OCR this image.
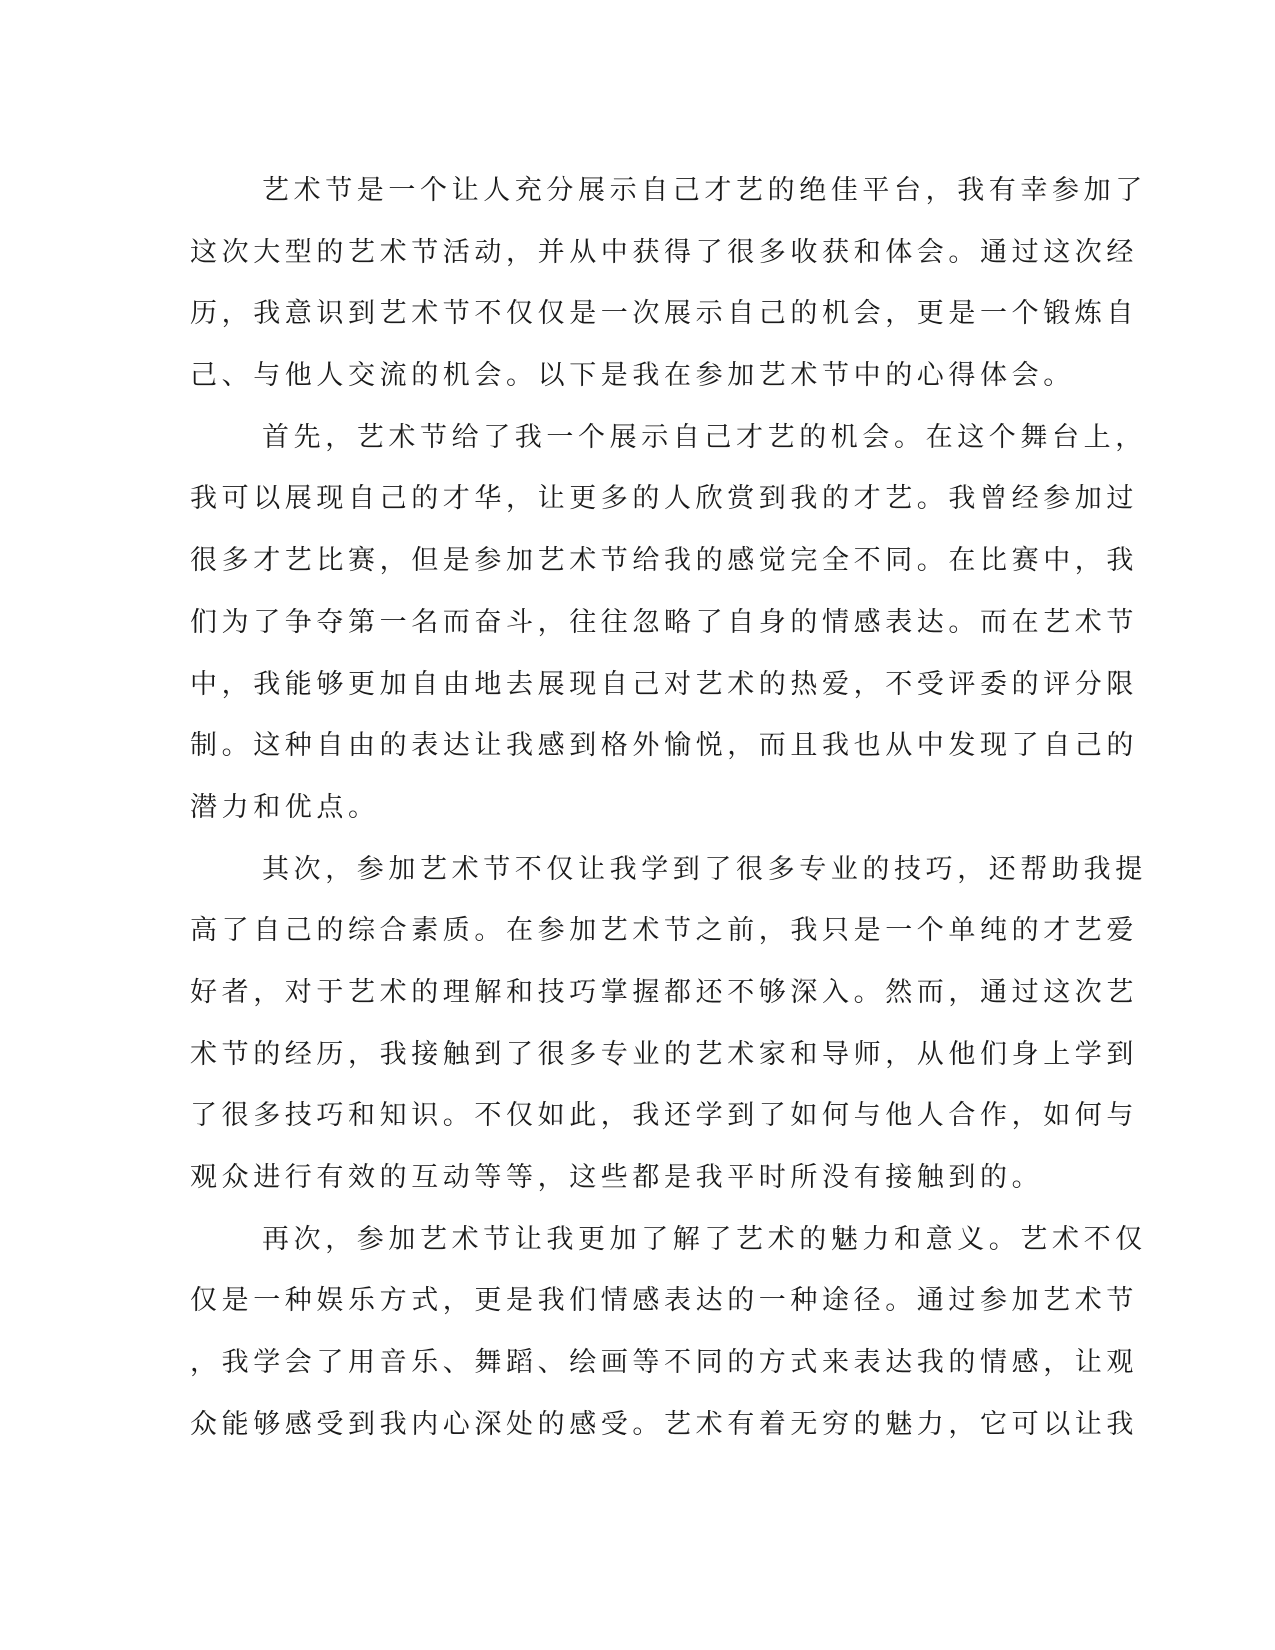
艺术节是一个让人充分展示自己才艺的绝佳平台，我有幸参加了
这次大型的艺术节活动，并从中获得了很多收获和体会。通过这次经
历，我意识到艺术节不仅仅是一次展示自己的机会，更是一个锻炼自
己、与他人交流的机会。以下是我在参加艺术节中的心得体会。
首先，艺术节给了我一个展示自己才艺的机会。在这个舞台上，
我可以展现自己的才华，让更多的人欣赏到我的才艺。我曾经参加过
很多才艺比赛，但是参加艺术节给我的感觉完全不同。在比赛中，我
们为了争夺第一名而奋斗，往往忽略了自身的情感表达。而在艺术节
中，我能够更加自由地去展现自己对艺术的热爱，不受评委的评分限
制。这种自由的表达让我感到格外愉悦，而且我也从中发现了自己的
潜力和优点。
其次，参加艺术节不仅让我学到了很多专业的技巧，还帮助我提
高了自己的综合素质。在参加艺术节之前，我只是一个单纯的才艺爱
好者，对于艺术的理解和技巧掌握都还不够深入。然而，通过这次艺
术节的经历，我接触到了很多专业的艺术家和导师，从他们身上学到
了很多技巧和知识。不仅如此，我还学到了如何与他人合作，如何与
观众进行有效的互动等等，这些都是我平时所没有接触到的。
再次，参加艺术节让我更加了解了艺术的魅力和意义。艺术不仅
仅是一种娱乐方式，更是我们情感表达的一种途径。通过参加艺术节
，我学会了用音乐、舞蹈、绘画等不同的方式来表达我的情感，让观
众能够感受到我内心深处的感受。艺术有着无穷的魅力，它可以让我
